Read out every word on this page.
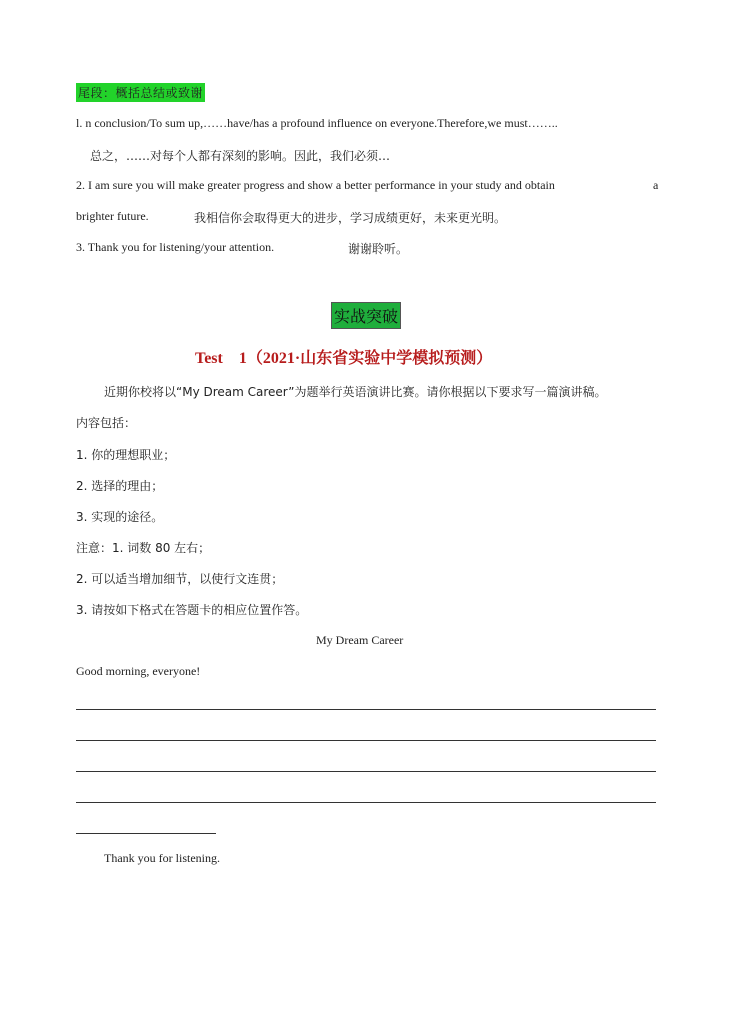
尾段：概括总结或致谢
l. n conclusion/To sum up,……have/has a profound influence on everyone.Therefore,we must……..
总之，……对每个人都有深刻的影响。因此，我们必须…
2. I am sure you will make greater progress and show a better performance in your study and obtain	a
brighter future.	我相信你会取得更大的进步，学习成绩更好，未来更光明。
3. Thank you for listening/your attention.	谢谢聆听。
实战突破
Test　1（2021·山东省实验中学模拟预测）
近期你校将以“My Dream Career”为题举行英语演讲比赛。请你根据以下要求写一篇演讲稿。
内容包括：
1. 你的理想职业；
2. 选择的理由；
3. 实现的途径。
注意：1. 词数 80 左右；
2. 可以适当增加细节，以使行文连贯；
3. 请按如下格式在答题卡的相应位置作答。
My Dream Career
Good morning, everyone!
Thank you for listening.
